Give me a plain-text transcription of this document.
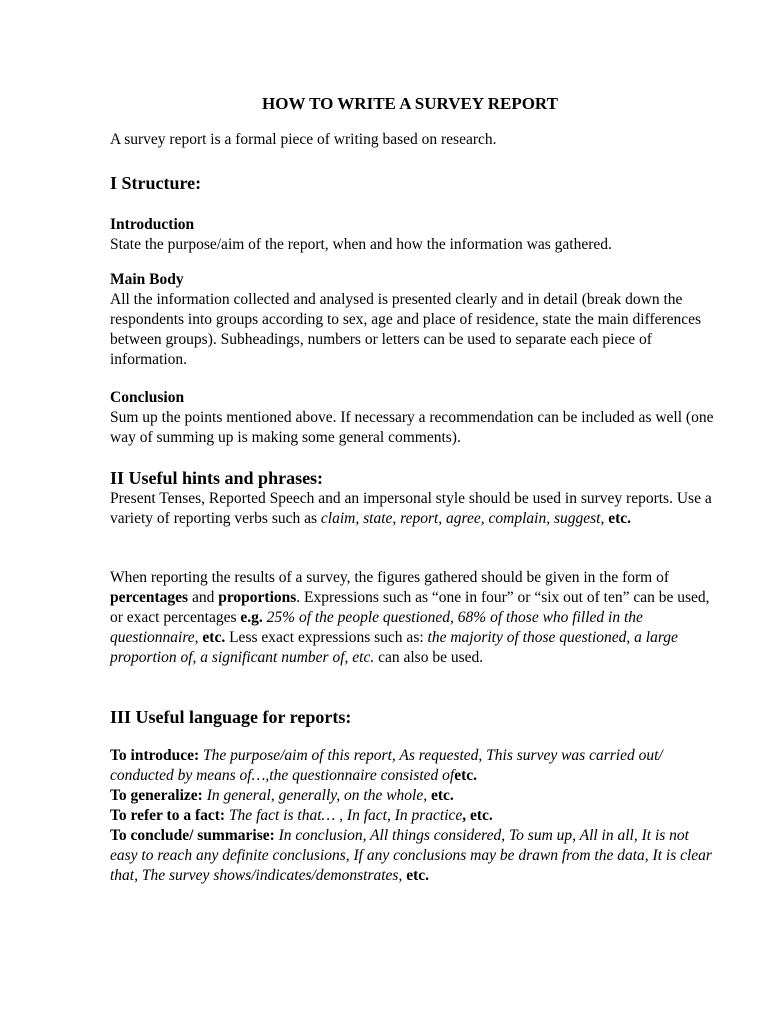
HOW TO WRITE A SURVEY REPORT
A survey report is a formal piece of writing based on research.
I Structure:

Introduction

State the purpose/aim of the report, when and how the information was gathered.

Main Body

All the information collected and analysed is presented clearly and in detail (break down the respondents into groups according to sex, age and place of residence, state the main differences between groups). Subheadings, numbers or letters can be used to separate each piece of information.

Conclusion

Sum up the points mentioned above. If necessary a recommendation can be included as well (one way of summing up is making some general comments).

II Useful hints and phrases:

Present Tenses, Reported Speech and an impersonal style should be used in survey reports. Use a variety of reporting verbs such as claim, state, report, agree, complain, suggest, etc.

When reporting the results of a survey, the figures gathered should be given in the form of percentages and proportions. Expressions such as “one in four” or “six out of ten” can be used, or exact percentages e.g. 25% of the people questioned, 68% of those who filled in the questionnaire, etc. Less exact expressions such as: the majority of those questioned, a large proportion of, a significant number of, etc. can also be used.

III Useful language for reports:

To introduce: The purpose/aim of this report, As requested, This survey was carried out/ conducted by means of…,the questionnaire consisted ofetc.

To generalize: In general, generally, on the whole, etc.

To refer to a fact: The fact is that… , In fact, In practice, etc.

To conclude/ summarise: In conclusion, All things considered, To sum up, All in all, It is not easy to reach any definite conclusions, If any conclusions may be drawn from the data, It is clear that, The survey shows/indicates/demonstrates, etc.
